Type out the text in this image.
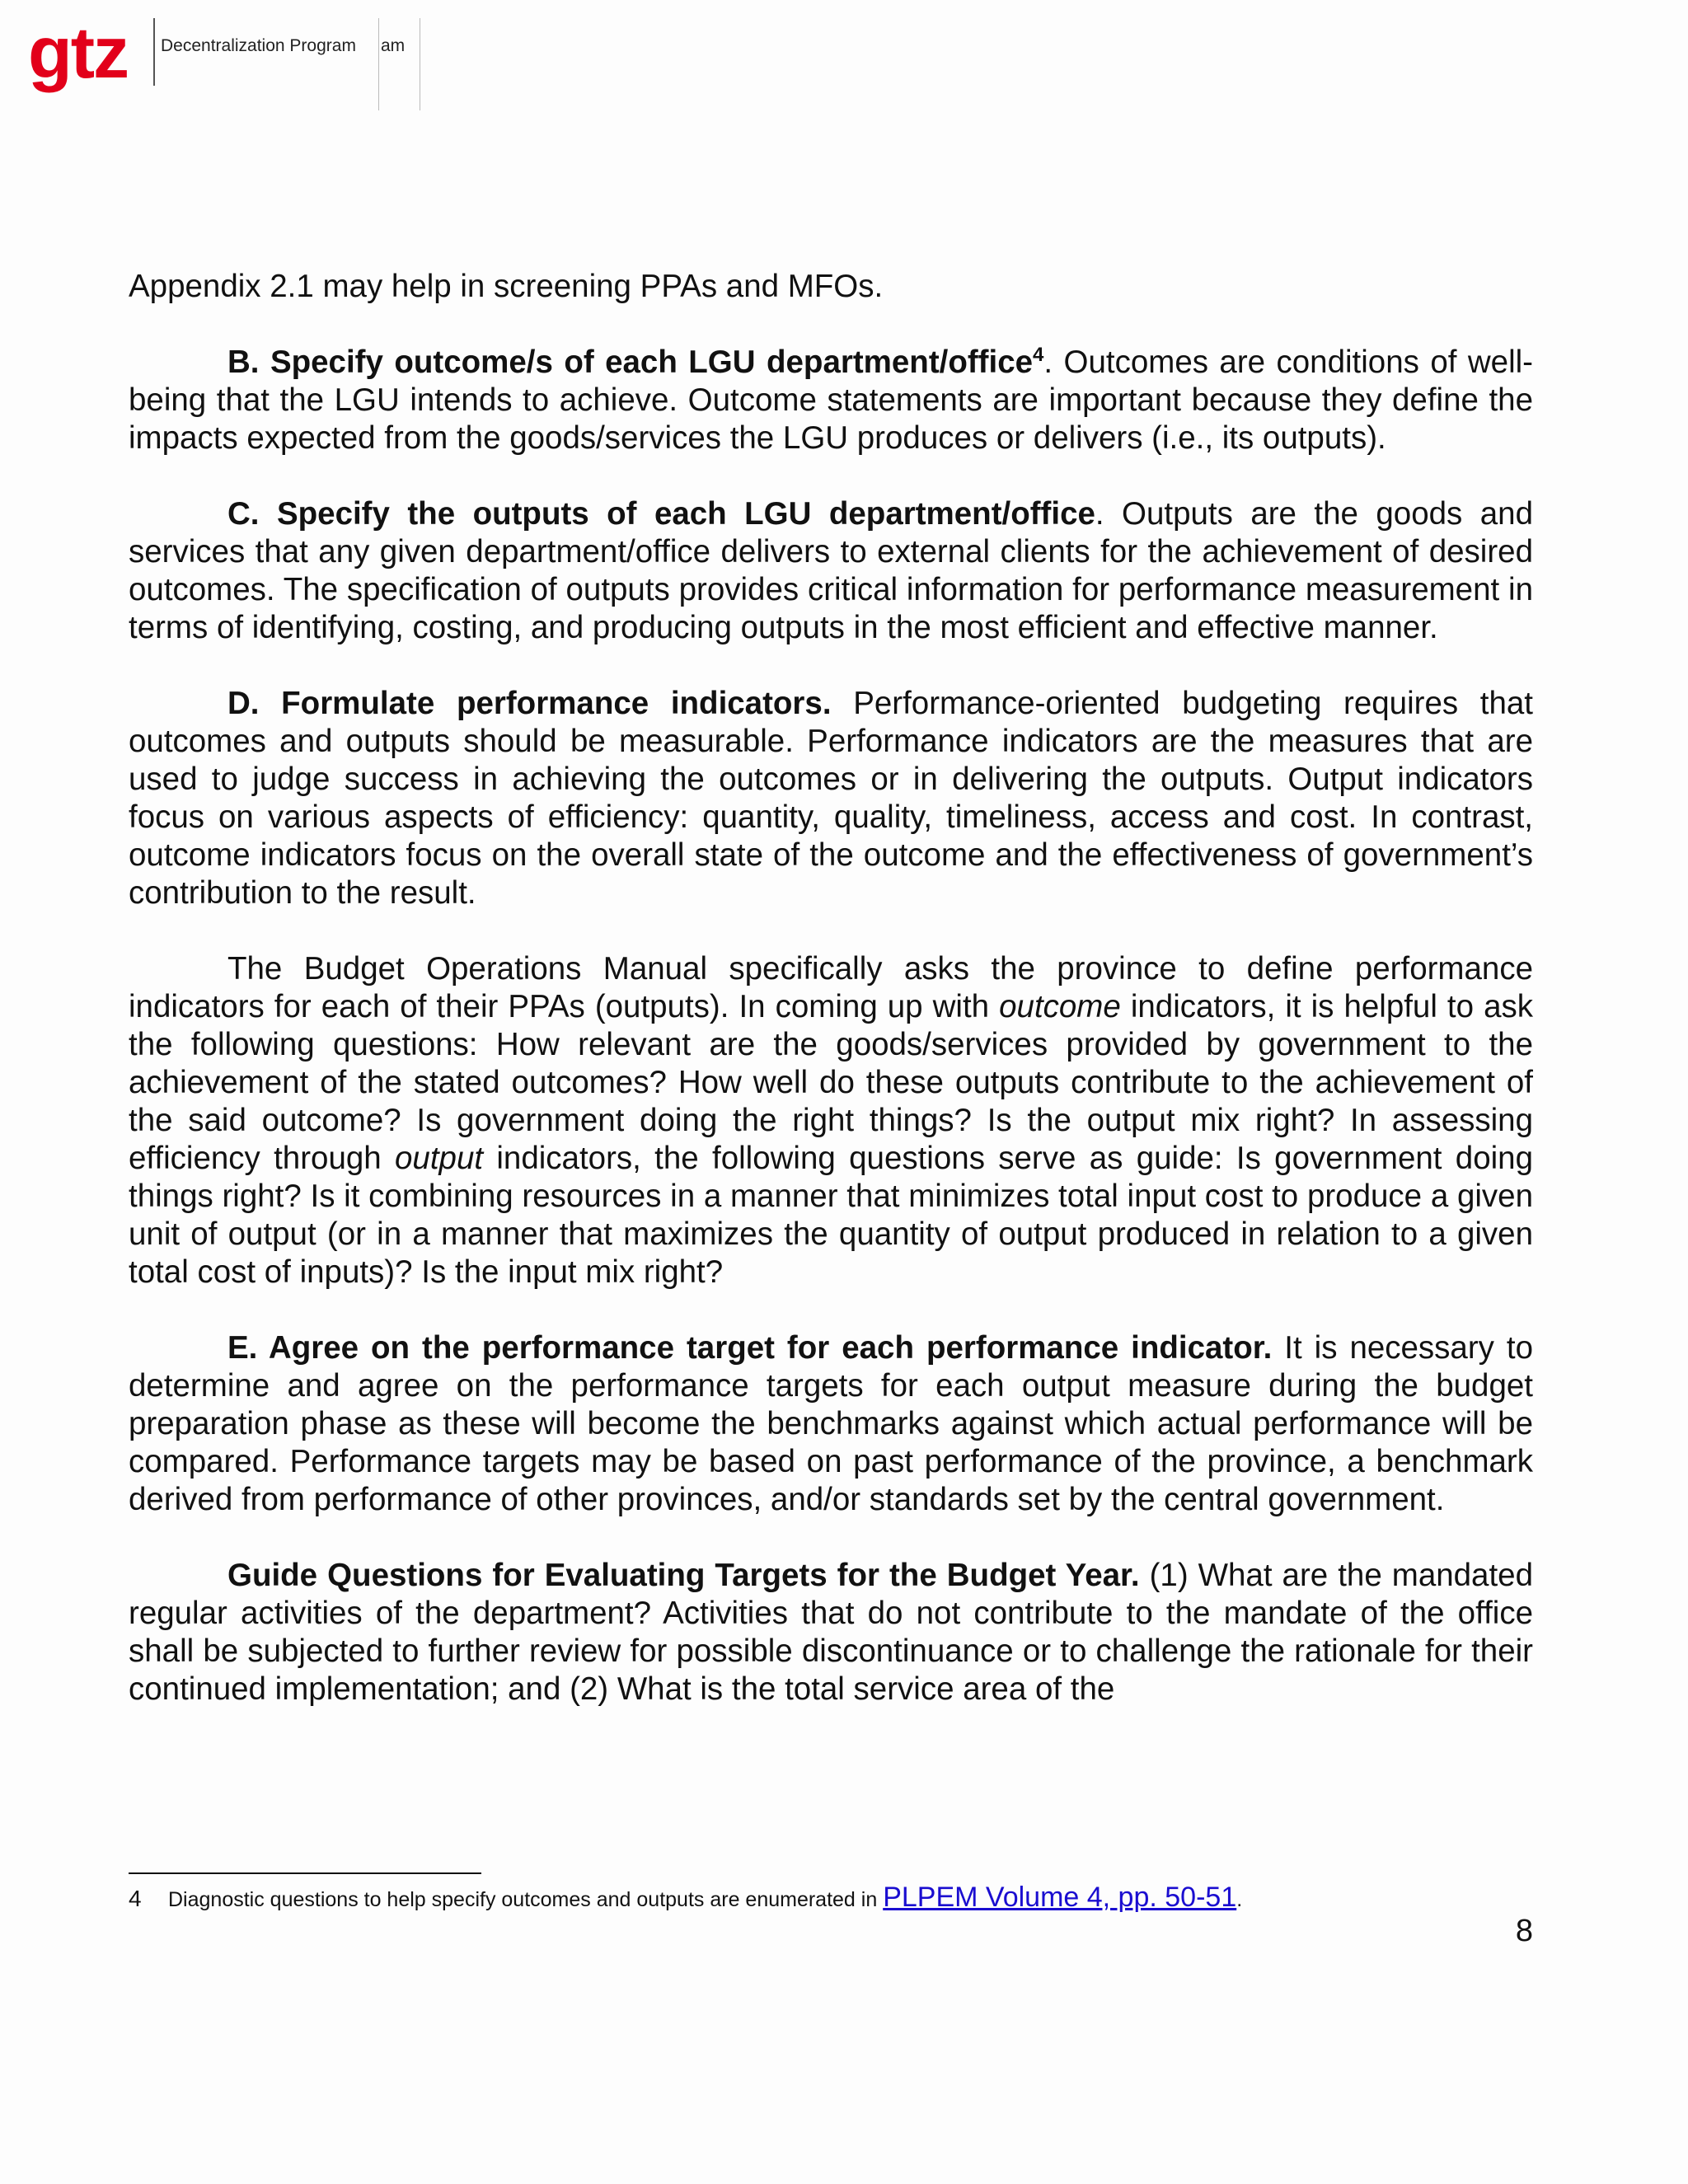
gtz Decentralization Program am

Appendix 2.1 may help in screening PPAs and MFOs.

B. Specify outcome/s of each LGU department/office$^4$. Outcomes are conditions of well-being that the LGU intends to achieve. Outcome statements are important because they define the impacts expected from the goods/services the LGU produces or delivers (i.e., its outputs).

C. Specify the outputs of each LGU department/office. Outputs are the goods and services that any given department/office delivers to external clients for the achievement of desired outcomes. The specification of outputs provides critical information for performance measurement in terms of identifying, costing, and producing outputs in the most efficient and effective manner.

D. Formulate performance indicators. Performance-oriented budgeting requires that outcomes and outputs should be measurable. Performance indicators are the measures that are used to judge success in achieving the outcomes or in delivering the outputs. Output indicators focus on various aspects of efficiency: quantity, quality, timeliness, access and cost. In contrast, outcome indicators focus on the overall state of the outcome and the effectiveness of government’s contribution to the result.

The Budget Operations Manual specifically asks the province to define performance indicators for each of their PPAs (outputs). In coming up with outcome indicators, it is helpful to ask the following questions: How relevant are the goods/services provided by government to the achievement of the stated outcomes? How well do these outputs contribute to the achievement of the said outcome? Is government doing the right things? Is the output mix right? In assessing efficiency through output indicators, the following questions serve as guide: Is government doing things right? Is it combining resources in a manner that minimizes total input cost to produce a given unit of output (or in a manner that maximizes the quantity of output produced in relation to a given total cost of inputs)? Is the input mix right?

E. Agree on the performance target for each performance indicator. It is necessary to determine and agree on the performance targets for each output measure during the budget preparation phase as these will become the benchmarks against which actual performance will be compared. Performance targets may be based on past performance of the province, a benchmark derived from performance of other provinces, and/or standards set by the central government.

Guide Questions for Evaluating Targets for the Budget Year. (1) What are the mandated regular activities of the department? Activities that do not contribute to the mandate of the office shall be subjected to further review for possible discontinuance or to challenge the rationale for their continued implementation; and (2) What is the total service area of the

4 Diagnostic questions to help specify outcomes and outputs are enumerated in PLPEM Volume 4, pp. 50-51.
8
